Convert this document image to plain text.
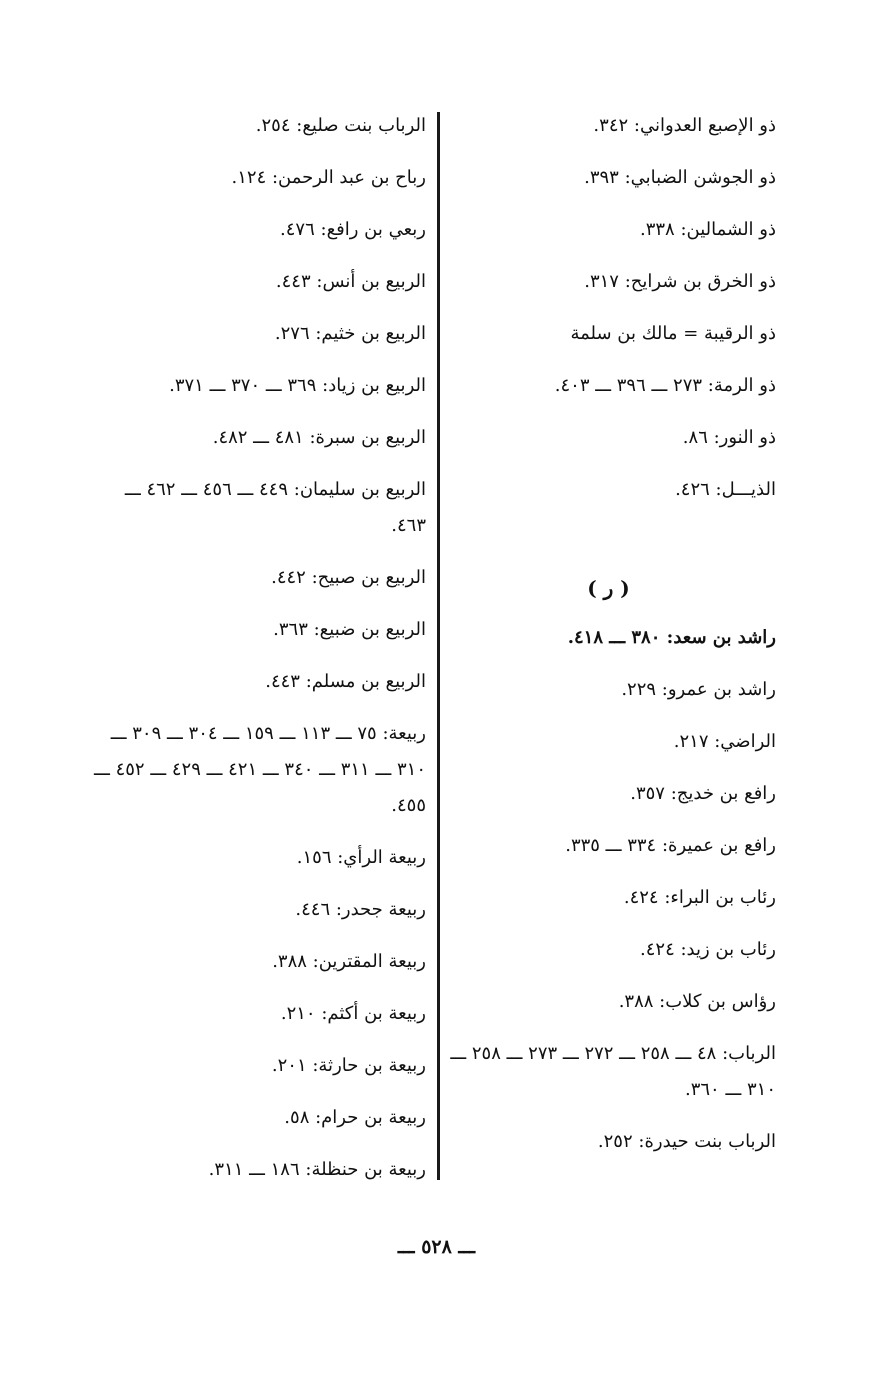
ذو الإصبع العدواني: ٣٤٢.
ذو الجوشن الضبابي: ٣٩٣.
ذو الشمالين: ٣٣٨.
ذو الخرق بن شرايح: ٣١٧.
ذو الرقيبة = مالك بن سلمة
ذو الرمة: ٢٧٣ ـــ ٣٩٦ ـــ ٤٠٣.
ذو النور: ٨٦.
الذيـــل: ٤٢٦.
( ر )
راشد بن سعد: ٣٨٠ ـــ ٤١٨.
راشد بن عمرو: ٢٢٩.
الراضي: ٢١٧.
رافع بن خديج: ٣٥٧.
رافع بن عميرة: ٣٣٤ ـــ ٣٣٥.
رئاب بن البراء: ٤٢٤.
رئاب بن زيد: ٤٢٤.
رؤاس بن كلاب: ٣٨٨.
الرباب: ٤٨ ـــ ٢٥٨ ـــ ٢٧٢ ـــ ٢٧٣ ـــ ٢٥٨ ـــ ٣١٠ ـــ ٣٦٠.
الرباب بنت حيدرة: ٢٥٢.
الرباب بنت صليع: ٢٥٤.
رباح بن عبد الرحمن: ١٢٤.
ربعي بن رافع: ٤٧٦.
الربيع بن أنس: ٤٤٣.
الربيع بن خثيم: ٢٧٦.
الربيع بن زياد: ٣٦٩ ـــ ٣٧٠ ـــ ٣٧١.
الربيع بن سبرة: ٤٨١ ـــ ٤٨٢.
الربيع بن سليمان: ٤٤٩ ـــ ٤٥٦ ـــ ٤٦٢ ـــ ٤٦٣.
الربيع بن صبيح: ٤٤٢.
الربيع بن ضبيع: ٣٦٣.
الربيع بن مسلم: ٤٤٣.
ربيعة: ٧٥ ـــ ١١٣ ـــ ١٥٩ ـــ ٣٠٤ ـــ ٣٠٩ ـــ ٣١٠ ـــ ٣١١ ـــ ٣٤٠ ـــ ٤٢١ ـــ ٤٢٩ ـــ ٤٥٢ ـــ ٤٥٥.
ربيعة الرأي: ١٥٦.
ربيعة جحدر: ٤٤٦.
ربيعة المقترين: ٣٨٨.
ربيعة بن أكثم: ٢١٠.
ربيعة بن حارثة: ٢٠١.
ربيعة بن حرام: ٥٨.
ربيعة بن حنظلة: ١٨٦ ـــ ٣١١.
ـــ ٥٢٨ ـــ
